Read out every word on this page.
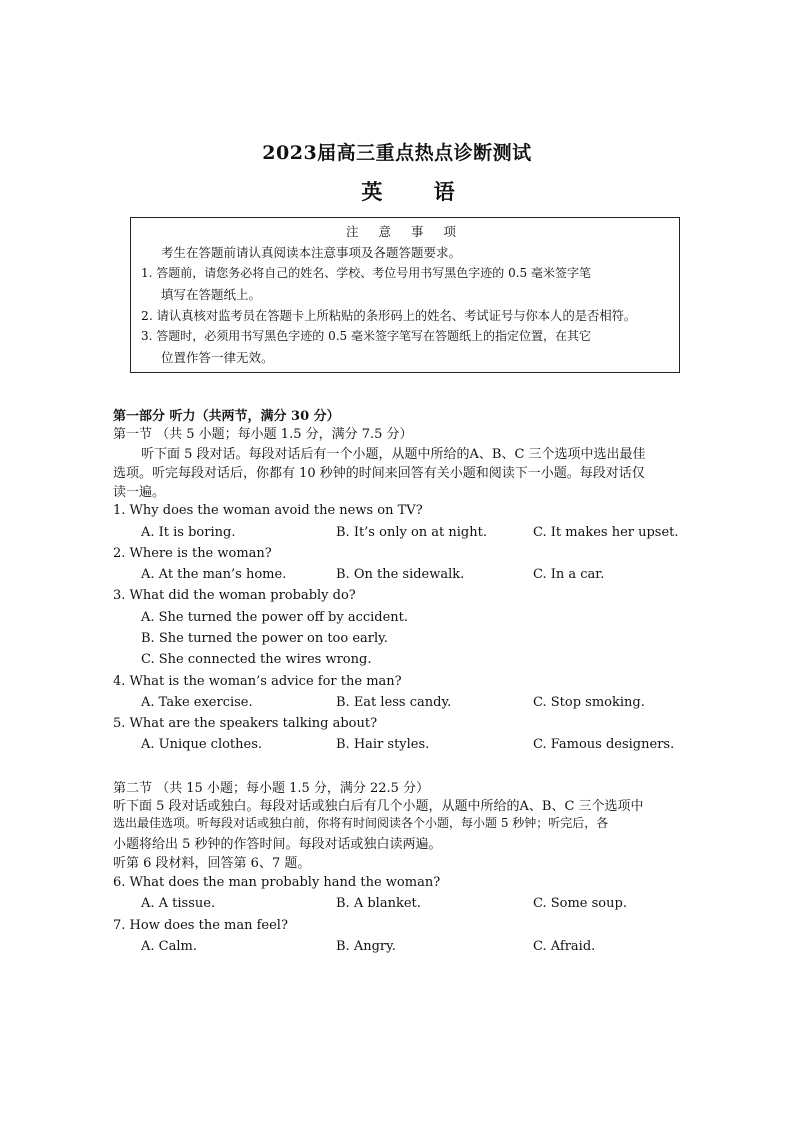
2023届高三重点热点诊断测试
英 语
注 意 事 项
考生在答题前请认真阅读本注意事项及各题答题要求。
1. 答题前，请您务必将自己的姓名、学校、考位号用书写黑色字迹的 0.5 毫米签字笔
填写在答题纸上。
2. 请认真核对监考员在答题卡上所粘贴的条形码上的姓名、考试证号与你本人的是否相符。
3. 答题时，必须用书写黑色字迹的 0.5 毫米签字笔写在答题纸上的指定位置，在其它
位置作答一律无效。
第一部分 听力（共两节，满分 30 分）
第一节 （共 5 小题；每小题 1.5 分，满分 7.5 分）
听下面 5 段对话。每段对话后有一个小题，从题中所给的A、B、C 三个选项中选出最佳
选项。听完每段对话后，你都有 10 秒钟的时间来回答有关小题和阅读下一小题。每段对话仅
读一遍。
1. Why does the woman avoid the news on TV?
A. It is boring.	B. It’s only on at night.	C. It makes her upset.
2. Where is the woman?
A. At the man’s home.	B. On the sidewalk.	C. In a car.
3. What did the woman probably do?
A. She turned the power off by accident.
B. She turned the power on too early.
C. She connected the wires wrong.
4. What is the woman’s advice for the man?
A. Take exercise.	B. Eat less candy.	C. Stop smoking.
5. What are the speakers talking about?
A. Unique clothes.	B. Hair styles.	C. Famous designers.
第二节 （共 15 小题；每小题 1.5 分，满分 22.5 分）
听下面 5 段对话或独白。每段对话或独白后有几个小题，从题中所给的A、B、C 三个选项中
选出最佳选项。听每段对话或独白前，你将有时间阅读各个小题，每小题 5 秒钟；听完后，各
小题将给出 5 秒钟的作答时间。每段对话或独白读两遍。
听第 6 段材料，回答第 6、7 题。
6. What does the man probably hand the woman?
A. A tissue.	B. A blanket.	C. Some soup.
7. How does the man feel?
A. Calm.	B. Angry.	C. Afraid.
